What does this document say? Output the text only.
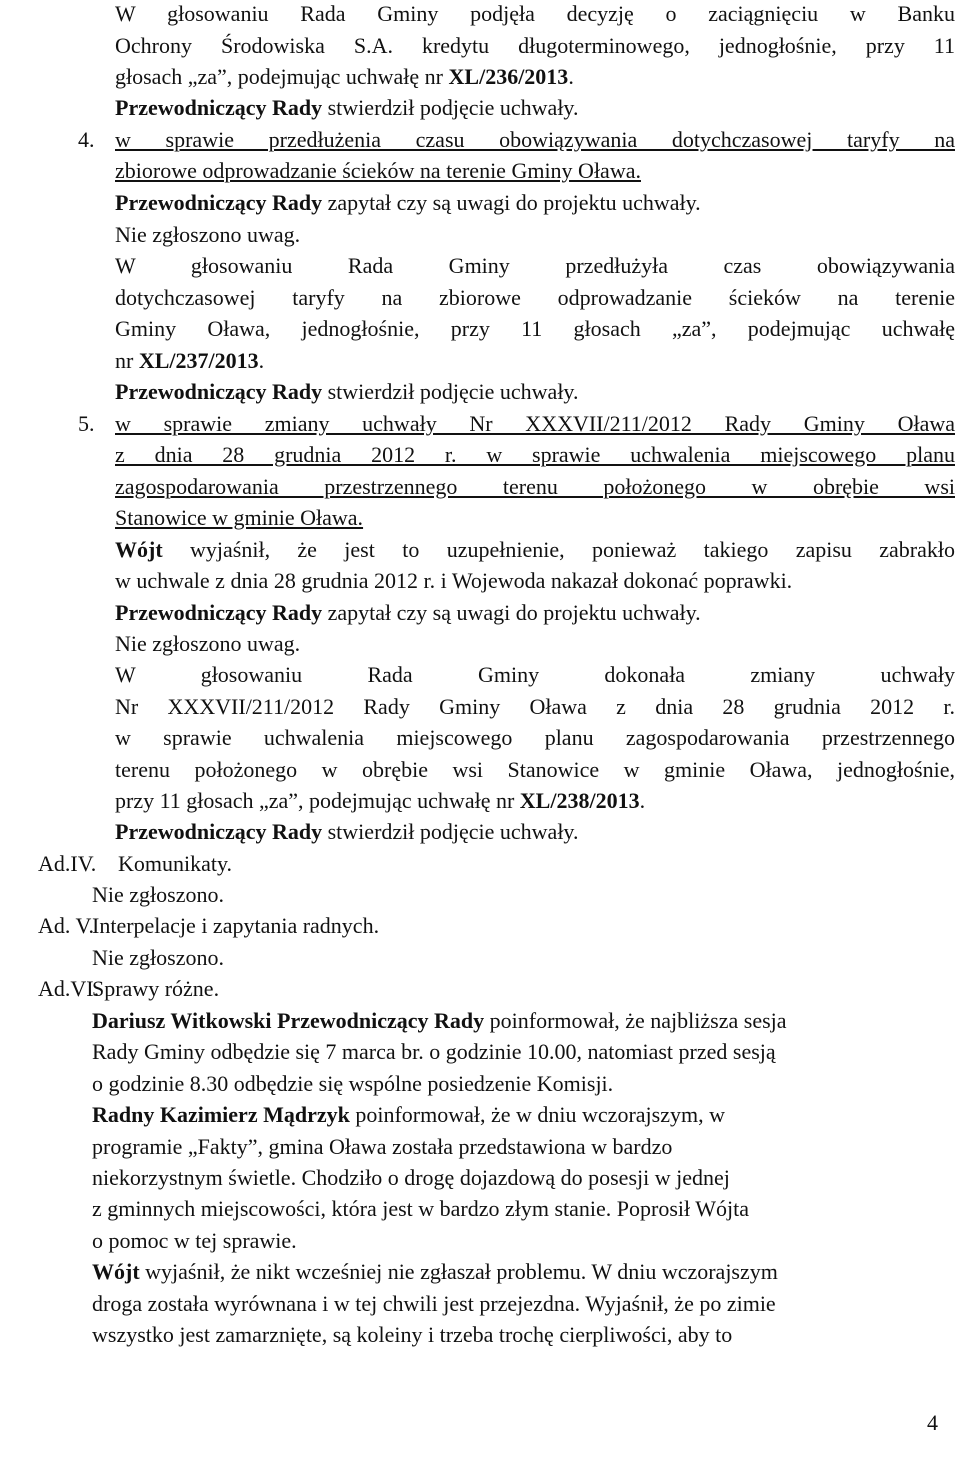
W głosowaniu Rada Gminy podjęła decyzję o zaciągnięciu w Banku
Ochrony Środowiska S.A. kredytu długoterminowego, jednogłośnie, przy 11
głosach „za”, podejmując uchwałę nr XL/236/2013.
Przewodniczący Rady stwierdził podjęcie uchwały.
4. w sprawie przedłużenia czasu obowiązywania dotychczasowej taryfy na
zbiorowe odprowadzanie ścieków na terenie Gminy Oława.
Przewodniczący Rady zapytał czy są uwagi do projektu uchwały.
Nie zgłoszono uwag.
W głosowaniu Rada Gminy przedłużyła czas obowiązywania
dotychczasowej taryfy na zbiorowe odprowadzanie ścieków na terenie
Gminy Oława, jednogłośnie, przy 11 głosach „za”, podejmując uchwałę
nr XL/237/2013.
Przewodniczący Rady stwierdził podjęcie uchwały.
5. w sprawie zmiany uchwały Nr XXXVII/211/2012 Rady Gminy Oława
z dnia 28 grudnia 2012 r. w sprawie uchwalenia miejscowego planu
zagospodarowania przestrzennego terenu położonego w obrębie wsi
Stanowice w gminie Oława.
Wójt wyjaśnił, że jest to uzupełnienie, ponieważ takiego zapisu zabrakło
w uchwale z dnia 28 grudnia 2012 r. i Wojewoda nakazał dokonać poprawki.
Przewodniczący Rady zapytał czy są uwagi do projektu uchwały.
Nie zgłoszono uwag.
W głosowaniu Rada Gminy dokonała zmiany uchwały
Nr XXXVII/211/2012 Rady Gminy Oława z dnia 28 grudnia 2012 r.
w sprawie uchwalenia miejscowego planu zagospodarowania przestrzennego
terenu położonego w obrębie wsi Stanowice w gminie Oława, jednogłośnie,
przy 11 głosach „za”, podejmując uchwałę nr XL/238/2013.
Przewodniczący Rady stwierdził podjęcie uchwały.
Ad.IV. Komunikaty.
Nie zgłoszono.
Ad. V.
Interpelacje i zapytania radnych.
Nie zgłoszono.
Ad.VI.
Sprawy różne.
Dariusz Witkowski Przewodniczący Rady poinformował, że najbliższa sesja
Rady Gminy odbędzie się 7 marca br. o godzinie 10.00, natomiast przed sesją
o godzinie 8.30 odbędzie się wspólne posiedzenie Komisji.
Radny Kazimierz Mądrzyk poinformował, że w dniu wczorajszym, w
programie „Fakty”, gmina Oława została przedstawiona w bardzo
niekorzystnym świetle. Chodziło o drogę dojazdową do posesji w jednej
z gminnych miejscowości, która jest w bardzo złym stanie. Poprosił Wójta
o pomoc w tej sprawie.
Wójt wyjaśnił, że nikt wcześniej nie zgłaszał problemu. W dniu wczorajszym
droga została wyrównana i w tej chwili jest przejezdna. Wyjaśnił, że po zimie
wszystko jest zamarznięte, są koleiny i trzeba trochę cierpliwości, aby to
4
